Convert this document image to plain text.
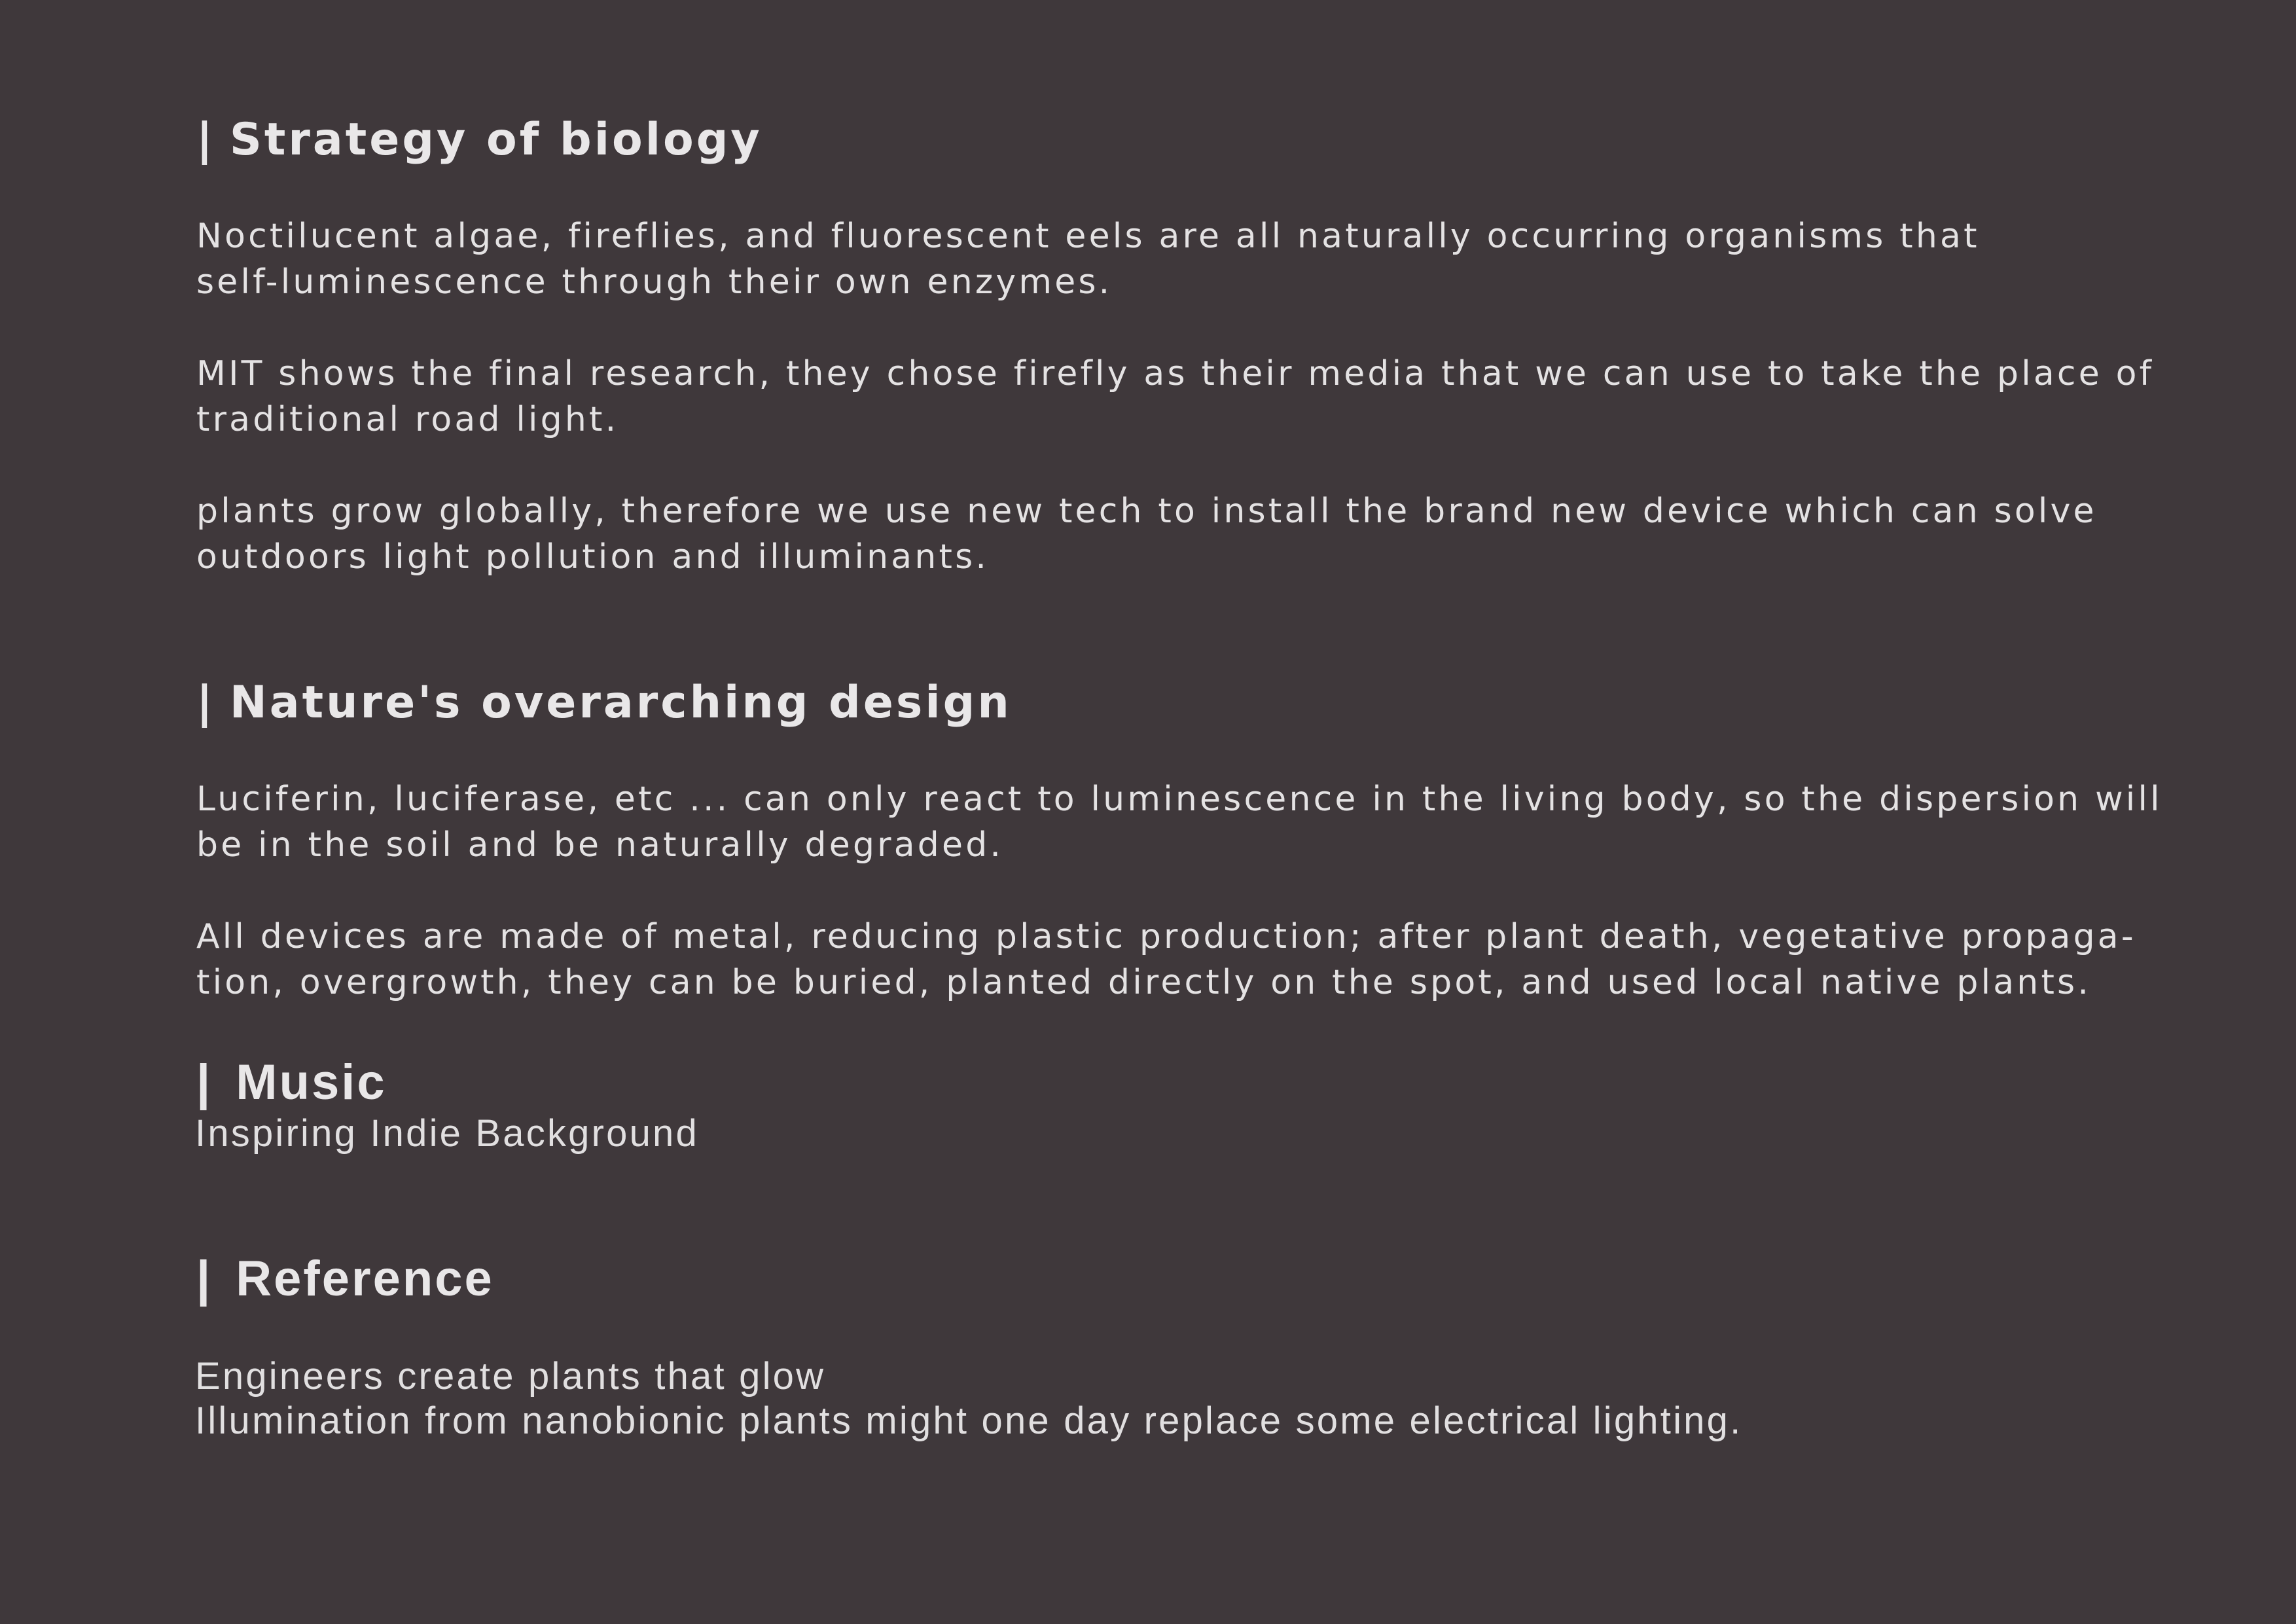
| Strategy of biology

Noctilucent algae, fireflies, and fluorescent eels are all naturally occurring organisms that
self-luminescence through their own enzymes.

MIT shows the final research, they chose firefly as their media that we can use to take the place of
traditional road light.

plants grow globally, therefore we use new tech to install the brand new device which can solve
outdoors light pollution and illuminants.

| Nature's overarching design

Luciferin, luciferase, etc ... can only react to luminescence in the living body, so the dispersion will
be in the soil and be naturally degraded.

All devices are made of metal, reducing plastic production; after plant death, vegetative propaga-
tion, overgrowth, they can be buried, planted directly on the spot, and used local native plants.

| Music

Inspiring Indie Background

| Reference

Engineers create plants that glow
Illumination from nanobionic plants might one day replace some electrical lighting.
